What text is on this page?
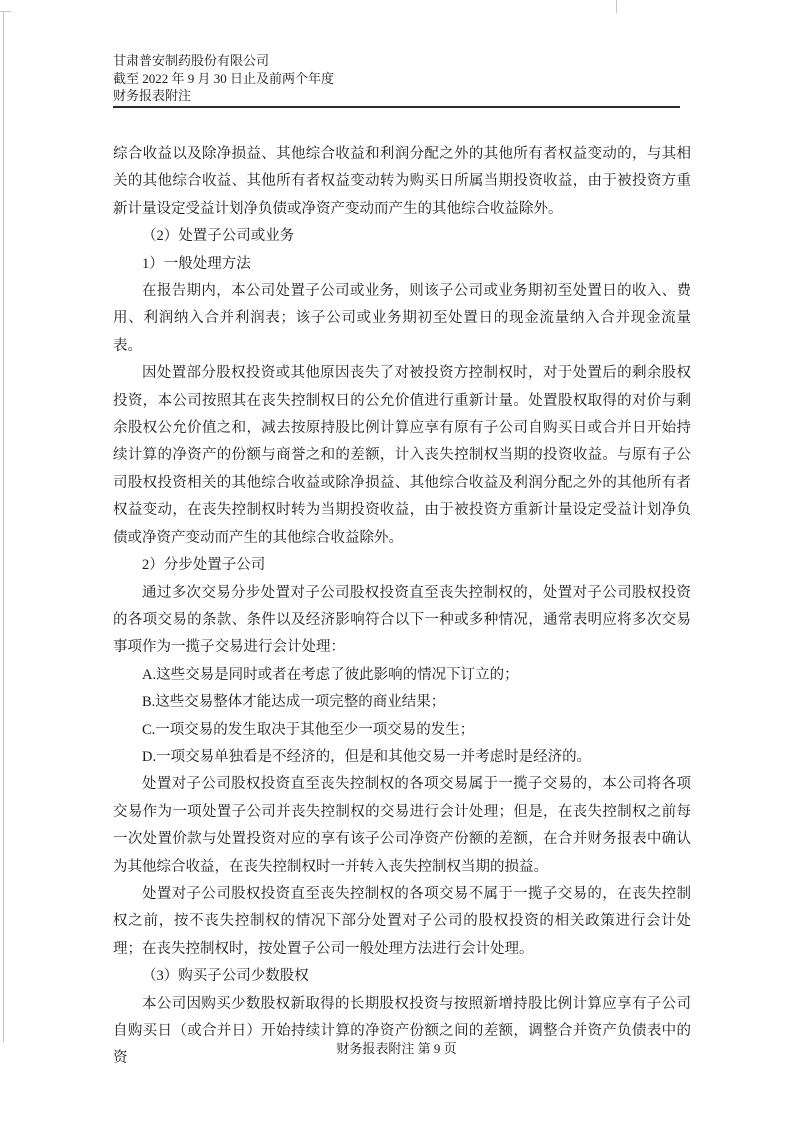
甘肃普安制药股份有限公司
截至 2022 年 9 月 30 日止及前两个年度
财务报表附注

综合收益以及除净损益、其他综合收益和利润分配之外的其他所有者权益变动的，与其相关的其他综合收益、其他所有者权益变动转为购买日所属当期投资收益，由于被投资方重新计量设定受益计划净负债或净资产变动而产生的其他综合收益除外。

（2）处置子公司或业务

1）一般处理方法

在报告期内，本公司处置子公司或业务，则该子公司或业务期初至处置日的收入、费用、利润纳入合并利润表；该子公司或业务期初至处置日的现金流量纳入合并现金流量表。

因处置部分股权投资或其他原因丧失了对被投资方控制权时，对于处置后的剩余股权投资，本公司按照其在丧失控制权日的公允价值进行重新计量。处置股权取得的对价与剩余股权公允价值之和，减去按原持股比例计算应享有原有子公司自购买日或合并日开始持续计算的净资产的份额与商誉之和的差额，计入丧失控制权当期的投资收益。与原有子公司股权投资相关的其他综合收益或除净损益、其他综合收益及利润分配之外的其他所有者权益变动，在丧失控制权时转为当期投资收益，由于被投资方重新计量设定受益计划净负债或净资产变动而产生的其他综合收益除外。

2）分步处置子公司

通过多次交易分步处置对子公司股权投资直至丧失控制权的，处置对子公司股权投资的各项交易的条款、条件以及经济影响符合以下一种或多种情况，通常表明应将多次交易事项作为一揽子交易进行会计处理：

A.这些交易是同时或者在考虑了彼此影响的情况下订立的；

B.这些交易整体才能达成一项完整的商业结果；

C.一项交易的发生取决于其他至少一项交易的发生；

D.一项交易单独看是不经济的，但是和其他交易一并考虑时是经济的。

处置对子公司股权投资直至丧失控制权的各项交易属于一揽子交易的，本公司将各项交易作为一项处置子公司并丧失控制权的交易进行会计处理；但是，在丧失控制权之前每一次处置价款与处置投资对应的享有该子公司净资产份额的差额，在合并财务报表中确认为其他综合收益，在丧失控制权时一并转入丧失控制权当期的损益。

处置对子公司股权投资直至丧失控制权的各项交易不属于一揽子交易的，在丧失控制权之前，按不丧失控制权的情况下部分处置对子公司的股权投资的相关政策进行会计处理；在丧失控制权时，按处置子公司一般处理方法进行会计处理。

（3）购买子公司少数股权

本公司因购买少数股权新取得的长期股权投资与按照新增持股比例计算应享有子公司自购买日（或合并日）开始持续计算的净资产份额之间的差额，调整合并资产负债表中的资

财务报表附注 第 9 页
